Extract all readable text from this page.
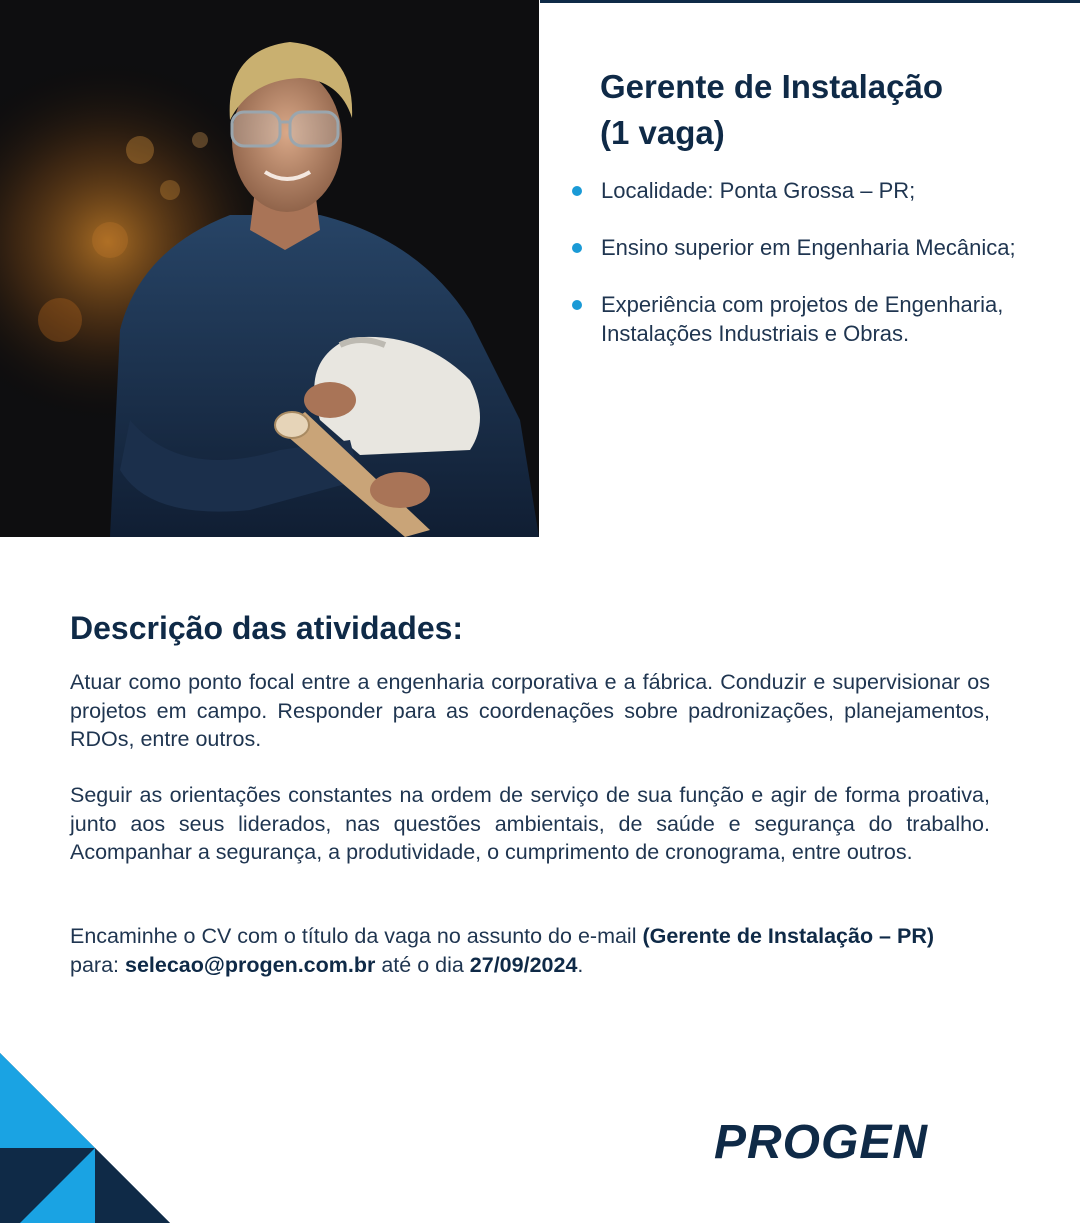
Gerente de Instalação
(1 vaga)
Localidade: Ponta Grossa – PR;
Ensino superior em Engenharia Mecânica;
Experiência com projetos de Engenharia, Instalações Industriais e Obras.
Descrição das atividades:

Atuar como ponto focal entre a engenharia corporativa e a fábrica. Conduzir e supervisionar os projetos em campo. Responder para as coordenações sobre padronizações, planejamentos, RDOs, entre outros.

Seguir as orientações constantes na ordem de serviço de sua função e agir de forma proativa, junto aos seus liderados, nas questões ambientais, de saúde e segurança do trabalho. Acompanhar a segurança, a produtividade, o cumprimento de cronograma, entre outros.

Encaminhe o CV com o título da vaga no assunto do e-mail (Gerente de Instalação – PR)
para: selecao@progen.com.br até o dia 27/09/2024.

PROGEN
